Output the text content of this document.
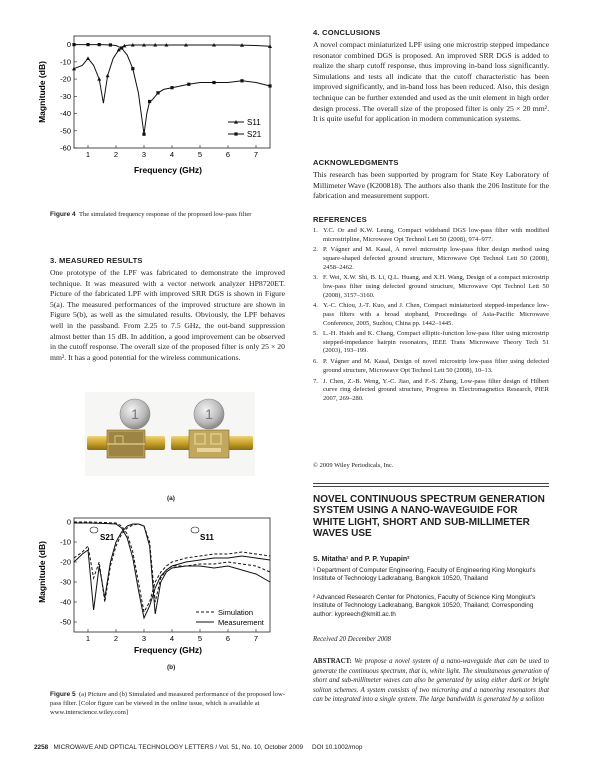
1	2	3	4	5	6	7
0
-10
-20
-30
-40
-50
-60
S11
S21
Frequency (GHz)
Magnitude (dB)
Figure 4 The simulated frequency response of the proposed low-pass filter
3. MEASURED RESULTS
One prototype of the LPF was fabricated to demonstrate the improved technique. It was measured with a vector network analyzer HP8720ET. Picture of the fabricated LPF with improved SRR DGS is shown in Figure 5(a). The measured performances of the improved structure are shown in Figure 5(b), as well as the simulated results. Obviously, the LPF behaves well in the passband. From 2.25 to 7.5 GHz, the out-band suppression almost better than 15 dB. In addition, a good improvement can be observed in the cutoff response. The overall size of the proposed filter is only 25 × 20 mm². It has a good potential for the wireless communications.
1	1
(a)
1	2	3	4	5	6	7
0
-10
-20
-30
-40
-50
Simulation
Measurement
S21	S11
Frequency (GHz)
Magnitude (dB)
(b)
Figure 5 (a) Picture and (b) Simulated and measured performance of the proposed low-pass filter. [Color figure can be viewed in the online issue, which is available at www.interscience.wiley.com]
4. CONCLUSIONS
A novel compact miniaturized LPF using one microstrip stepped impedance resonator combined DGS is proposed. An improved SRR DGS is added to realize the sharp cutoff response, thus improving in-band loss significantly. Simulations and tests all indicate that the cutoff characteristic has been improved significantly, and in-band loss has been reduced. Also, this design technique can be further extended and used as the unit element in high order design process. The overall size of the proposed filter is only 25 × 20 mm². It is quite useful for application in modern communication systems.
ACKNOWLEDGMENTS
This research has been supported by program for State Key Laboratory of Millimeter Wave (K200818). The authors also thank the 206 Institute for the fabrication and measurement support.
REFERENCES
1. Y.C. Or and K.W. Leung, Compact wideband DGS low-pass filter with modified microstripline, Microwave Opt Technol Lett 50 (2008), 974–977.
2. P. Vágner and M. Kasal, A novel microstrip low-pass filter design method using square-shaped defected ground structure, Microwave Opt Technol Lett 50 (2008), 2458–2462.
3. F. Wei, X.W. Shi, B. Li, Q.L. Huang, and X.H. Wang, Design of a compact microstrip low-pass filter using defected ground structure, Microwave Opt Technol Lett 50 (2008), 3157–3160.
4. Y.-C. Chiou, J.-T. Kuo, and J. Chen, Compact miniaturized stepped-impedance low-pass filters with a broad stopband, Proceedings of Asia-Pacific Microwave Conference, 2005, Suzhou, China pp. 1442–1445.
5. L.-H. Hsieh and K. Chang, Compact elliptic-function low-pass filter using microstrip stepped-impedance hairpin resonators, IEEE Trans Microwave Theory Tech 51 (2003), 193–199.
6. P. Vágner and M. Kasal, Design of novel microstrip low-pass filter using defected ground structure, Microwave Opt Technol Lett 50 (2008), 10–13.
7. J. Chen, Z.-B. Weng, Y.-C. Jiao, and F.-S. Zhang, Low-pass filter design of Hilbert curve ring defected ground structure, Progress in Electromagnetics Research, PIER 2007, 269–280.
© 2009 Wiley Periodicals, Inc.
NOVEL CONTINUOUS SPECTRUM GENERATION SYSTEM USING A NANO-WAVEGUIDE FOR WHITE LIGHT, SHORT AND SUB-MILLIMETER WAVES USE
S. Mitatha¹ and P. P. Yupapin²
¹ Department of Computer Engineering, Faculty of Engineering King Mongkut's Institute of Technology Ladkrabang, Bangkok 10520, Thailand
² Advanced Research Center for Photonics, Faculty of Science King Mongkut's Institute of Technology Ladkrabang, Bangkok 10520, Thailand; Corresponding author: kypreech@kmitl.ac.th
Received 20 December 2008
ABSTRACT: We propose a novel system of a nano-waveguide that can be used to generate the continuous spectrum, that is, white light. The simultaneous generation of short and sub-millimeter waves can also be generated by using either dark or bright soliton schemes. A system consists of two microring and a nanoring resonators that can be integrated into a single system. The large bandwidth is generated by a soliton
2258 MICROWAVE AND OPTICAL TECHNOLOGY LETTERS / Vol. 51, No. 10, October 2009 DOI 10.1002/mop
